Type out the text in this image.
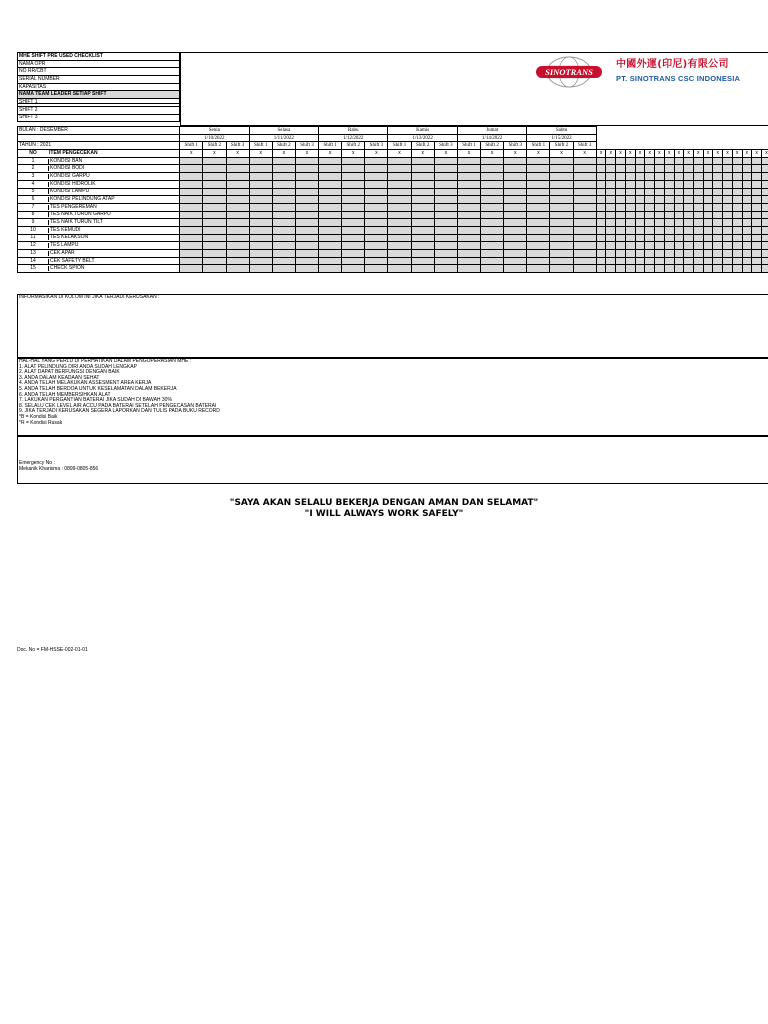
MHE SHIFT PRE USED CHECKLIST
NAMA OPR
NO RR/CBT
SERIAL NUMBER
KAPASITAS
NAMA TEAM LEADER SETIAP SHIFT
SHIFT 1
SHIFT 2
SHIFT 3
SINOTRANS
中國外運(印尼)有限公司
PT. SINOTRANS CSC INDONESIA
BULAN : DESEMBER	Senin			Selasa			Rabu			Kamis			Jumat			Sabtu																				
	1/10/2022			1/11/2022			1/12/2022			1/13/2022			1/14/2022			1/15/2022																				
TAHUN : 2021	Shift 1	Shift 2	Shift 3	Shift 1	Shift 2	Shift 3	Shift 1	Shift 2	Shift 3	Shift 1	Shift 2	Shift 3	Shift 1	Shift 2	Shift 3	Shift 1	Shift 2	Shift 3																		
NO ITEM PENGECEKAN	x	x	x	x	x	x	x	x	x	x	x	x	x	x	x	x	x	x	x	x	x	x	x	x	x	x	x	x	x	x	x	x	x	x	x	x
1 KONDISI BAN																																				
2 KONDISI BODI																																				
3 KONDISI GARPU																																				
4 KONDISI HIDROLIK																																				
5 KONDISI LAMPU																																				
6 KONDISI PELINDUNG ATAP																																				
7 TES PENGEREMAN																																				
8 TES NAIK TURUN GARPU																																				
9 TES NAIK TURUN TILT																																				
10 TES KEMUDI																																				
11 TES KELAKSON																																				
12 TES LAMPU																																				
13 CEK APAR																																				
14 CEK SAFETY BELT																																				
15 CHECK SPION																																				
INFORMASIKAN DI KOLOM INI JIKA TERJADI KERUSAKAN :
HAL-HAL YANG PERLU DI PERHATIKAN DALAM PENGOPERASIAN MHE :
1. ALAT PELINDUNG DIRI ANDA SUDAH LENGKAP
2. ALAT DAPAT BERFUNGSI DENGAN BAIK
3. ANDA DALAM KEADAAN SEHAT
4. ANDA TELAH MELAKUKAN ASSESMENT AREA KERJA
5. ANDA TELAH BERDOA UNTUK KESELAMATAN DALAM BEKERJA
6. ANDA TELAH MEMBERSIHKAN ALAT
7. LAKUKAN PERGANTIAN BATERAI JIKA SUDAH DI BAWAH 30%
8. SELALU CEK LEVEL AIR ACCU PADA BATERAI SETELAH PENGECASAN BATERAI
9. JIKA TERJADI KERUSAKAN SEGERA LAPORKAN DAN TULIS PADA BUKU RECORD
*B = Kondisi Baik
*R = Kondisi Rusak
Emergency No :
Mekanik Kharisma : 0899-0805-856
"SAYA AKAN SELALU BEKERJA DENGAN AMAN DAN SELAMAT"
"I WILL ALWAYS WORK SAFELY"
Doc. No = FM-HSSE-002-01-01
